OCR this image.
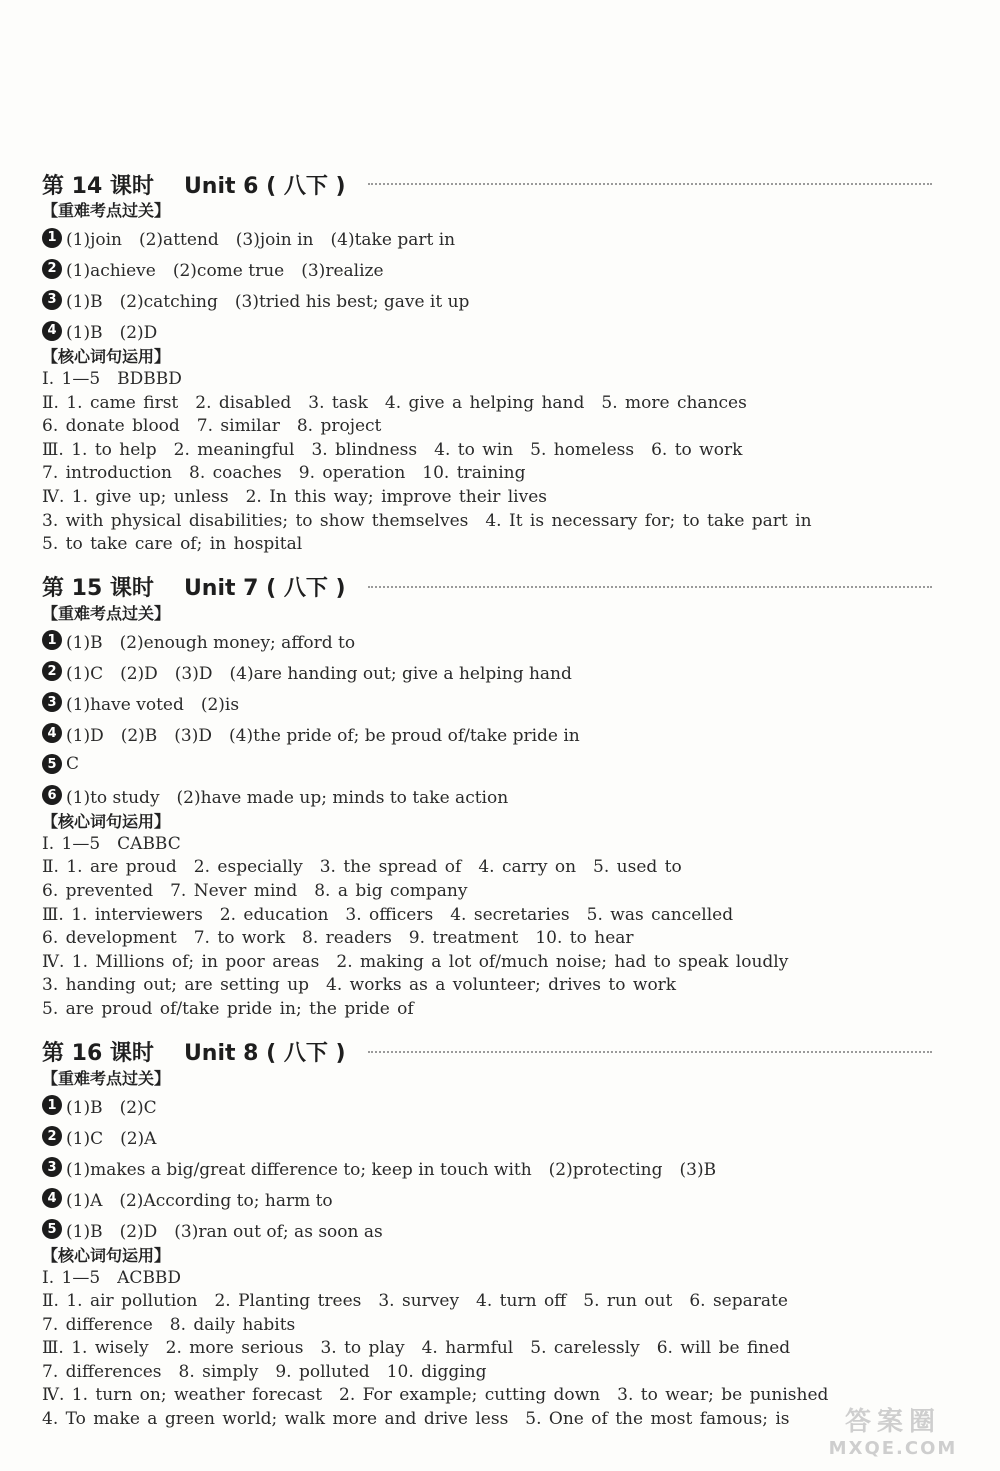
第 14 课时 Unit 6 ( 八下 )
【重难考点过关】
1 (1)join　(2)attend　(3)join in　(4)take part in
2 (1)achieve　(2)come true　(3)realize
3 (1)B　(2)catching　(3)tried his best; gave it up
4 (1)B　(2)D
【核心词句运用】
Ⅰ. 1—5　BDBBD
Ⅱ. 1. came first　2. disabled　3. task　4. give a helping hand　5. more chances
6. donate blood　7. similar　8. project
Ⅲ. 1. to help　2. meaningful　3. blindness　4. to win　5. homeless　6. to work
7. introduction　8. coaches　9. operation　10. training
Ⅳ. 1. give up; unless　2. In this way; improve their lives
3. with physical disabilities; to show themselves　4. It is necessary for; to take part in
5. to take care of; in hospital
第 15 课时 Unit 7 ( 八下 )
【重难考点过关】
1 (1)B　(2)enough money; afford to
2 (1)C　(2)D　(3)D　(4)are handing out; give a helping hand
3 (1)have voted　(2)is
4 (1)D　(2)B　(3)D　(4)the pride of; be proud of/take pride in
5 C
6 (1)to study　(2)have made up; minds to take action
【核心词句运用】
Ⅰ. 1—5　CABBC
Ⅱ. 1. are proud　2. especially　3. the spread of　4. carry on　5. used to
6. prevented　7. Never mind　8. a big company
Ⅲ. 1. interviewers　2. education　3. officers　4. secretaries　5. was cancelled
6. development　7. to work　8. readers　9. treatment　10. to hear
Ⅳ. 1. Millions of; in poor areas　2. making a lot of/much noise; had to speak loudly
3. handing out; are setting up　4. works as a volunteer; drives to work
5. are proud of/take pride in; the pride of
第 16 课时 Unit 8 ( 八下 )
【重难考点过关】
1 (1)B　(2)C
2 (1)C　(2)A
3 (1)makes a big/great difference to; keep in touch with　(2)protecting　(3)B
4 (1)A　(2)According to; harm to
5 (1)B　(2)D　(3)ran out of; as soon as
【核心词句运用】
Ⅰ. 1—5　ACBBD
Ⅱ. 1. air pollution　2. Planting trees　3. survey　4. turn off　5. run out　6. separate
7. difference　8. daily habits
Ⅲ. 1. wisely　2. more serious　3. to play　4. harmful　5. carelessly　6. will be fined
7. differences　8. simply　9. polluted　10. digging
Ⅳ. 1. turn on; weather forecast　2. For example; cutting down　3. to wear; be punished
4. To make a green world; walk more and drive less　5. One of the most famous; is	答案圈
MXQE.COM
